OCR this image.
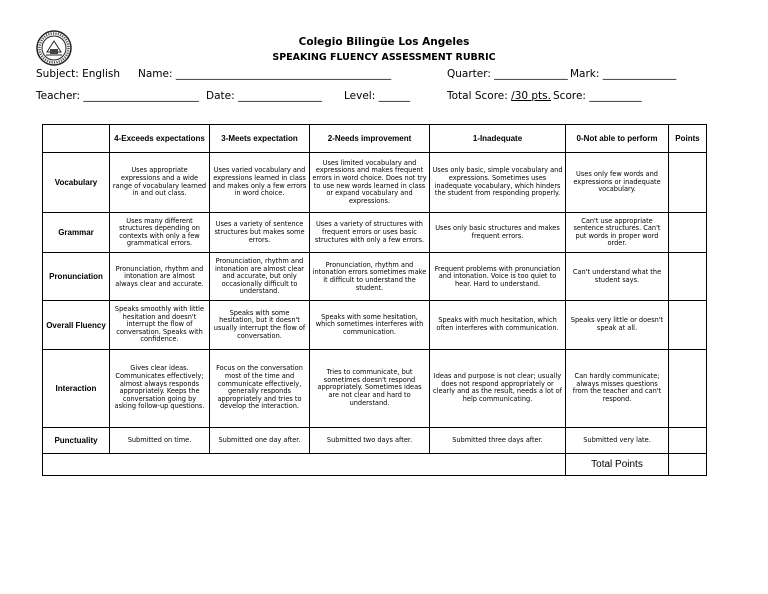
Colegio Bilingüe Los Angeles
SPEAKING FLUENCY ASSESSMENT RUBRIC
Subject: English Name: _________________________________________	Quarter: ______________ Mark: ______________
Teacher: ______________________ Date: ________________ Level: ______	Total Score: /30 pts. Score: __________
	4-Exceeds expectations	3-Meets expectation	2-Needs improvement	1-Inadequate	0-Not able to perform	Points
Vocabulary	Uses appropriate expressions and a wide range of vocabulary learned in and out class.	Uses varied vocabulary and expressions learned in class and makes only a few errors in word choice.	Uses limited vocabulary and expressions and makes frequent errors in word choice. Does not try to use new words learned in class or expand vocabulary and expressions.	Uses only basic, simple vocabulary and expressions. Sometimes uses inadequate vocabulary, which hinders the student from responding properly.	Uses only few words and expressions or inadequate vocabulary.	
Grammar	Uses many different structures depending on contexts with only a few grammatical errors.	Uses a variety of sentence structures but makes some errors.	Uses a variety of structures with frequent errors or uses basic structures with only a few errors.	Uses only basic structures and makes frequent errors.	Can't use appropriate sentence structures. Can't put words in proper word order.	
Pronunciation	Pronunciation, rhythm and intonation are almost always clear and accurate.	Pronunciation, rhythm and intonation are almost clear and accurate, but only occasionally difficult to understand.	Pronunciation, rhythm and intonation errors sometimes make it difficult to understand the student.	Frequent problems with pronunciation and intonation. Voice is too quiet to hear. Hard to understand.	Can't understand what the student says.	
Overall Fluency	Speaks smoothly with little hesitation and doesn't interrupt the flow of conversation. Speaks with confidence.	Speaks with some hesitation, but it doesn't usually interrupt the flow of conversation.	Speaks with some hesitation, which sometimes interferes with communication.	Speaks with much hesitation, which often interferes with communication.	Speaks very little or doesn't speak at all.	
Interaction	Gives clear ideas. Communicates effectively; almost always responds appropriately. Keeps the conversation going by asking follow-up questions.	Focus on the conversation most of the time and communicate effectively, generally responds appropriately and tries to develop the interaction.	Tries to communicate, but sometimes doesn't respond appropriately. Sometimes ideas are not clear and hard to understand.	Ideas and purpose is not clear; usually does not respond appropriately or clearly and as the result, needs a lot of help communicating.	Can hardly communicate; always misses questions from the teacher and can't respond.	
Punctuality	Submitted on time.	Submitted one day after.	Submitted two days after.	Submitted three days after.	Submitted very late.	
					Total Points	
